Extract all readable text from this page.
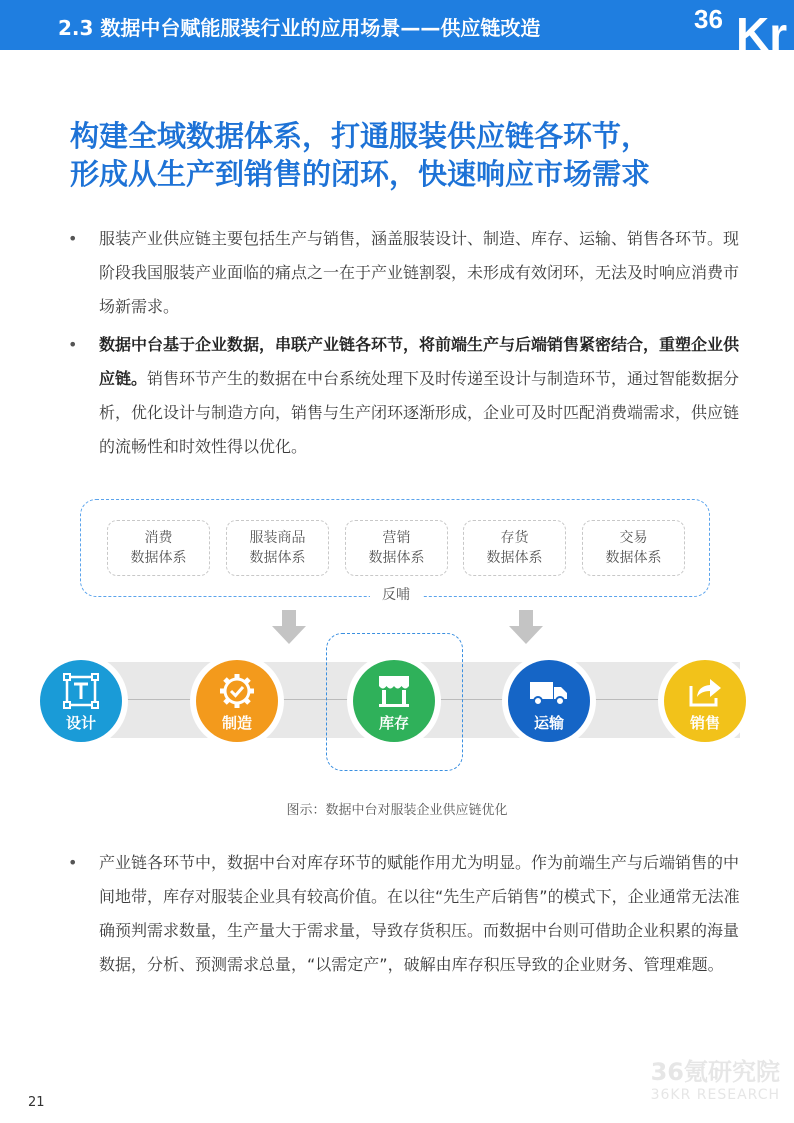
2.3 数据中台赋能服装行业的应用场景——供应链改造	36 Kr
构建全域数据体系，打通服装供应链各环节，
形成从生产到销售的闭环，快速响应市场需求
• 服装产业供应链主要包括生产与销售，涵盖服装设计、制造、库存、运输、销售各环节。现阶段我国服装产业面临的痛点之一在于产业链割裂，未形成有效闭环，无法及时响应消费市场新需求。
• 数据中台基于企业数据，串联产业链各环节，将前端生产与后端销售紧密结合，重塑企业供应链。销售环节产生的数据在中台系统处理下及时传递至设计与制造环节，通过智能数据分析，优化设计与制造方向，销售与生产闭环逐渐形成，企业可及时匹配消费端需求，供应链的流畅性和时效性得以优化。
消费
数据体系
服装商品
数据体系
营销
数据体系
存货
数据体系
交易
数据体系
反哺
设计	制造	库存	运输	销售
图示：数据中台对服装企业供应链优化
• 产业链各环节中，数据中台对库存环节的赋能作用尤为明显。作为前端生产与后端销售的中间地带，库存对服装企业具有较高价值。在以往“先生产后销售”的模式下，企业通常无法准确预判需求数量，生产量大于需求量，导致存货积压。而数据中台则可借助企业积累的海量数据，分析、预测需求总量，“以需定产”，破解由库存积压导致的企业财务、管理难题。
21
36氪研究院
36KR RESEARCH
